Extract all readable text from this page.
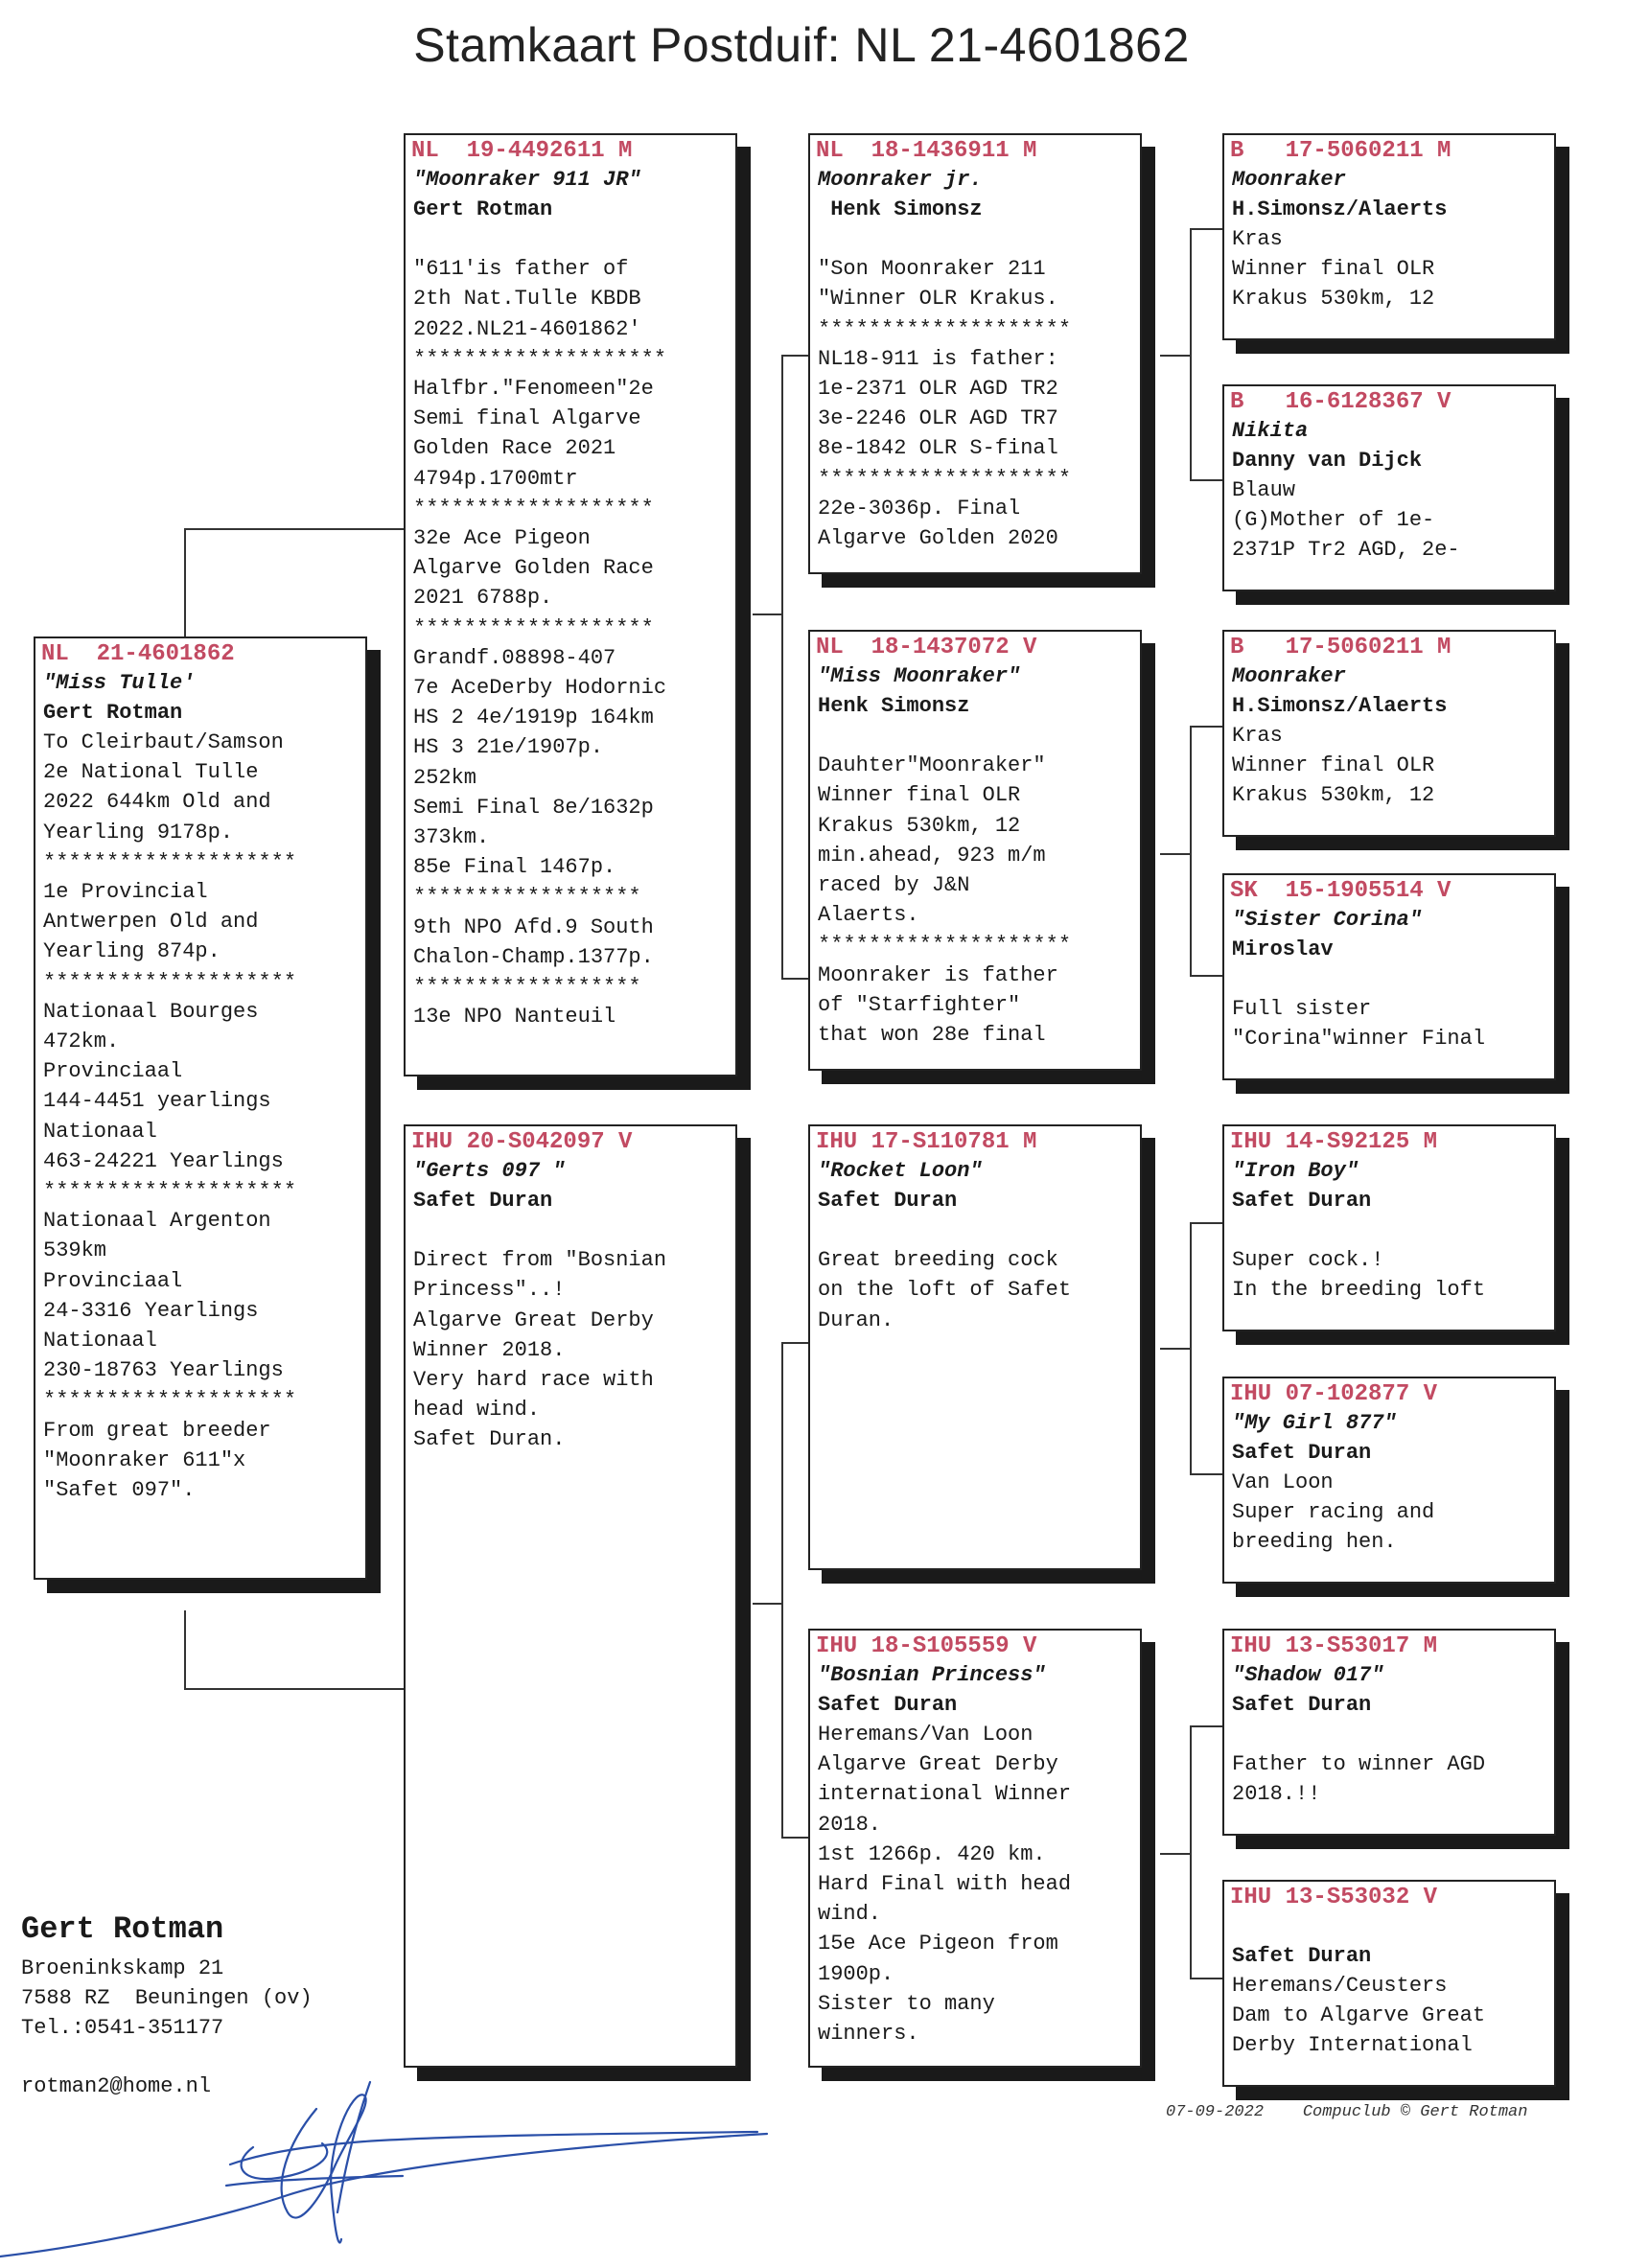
Stamkaart Postduif: NL 21-4601862
NL  21-4601862
"Miss Tulle'
Gert Rotman
To Cleirbaut/Samson
2e National Tulle
2022 644km Old and
Yearling 9178p.
********************
1e Provincial
Antwerpen Old and
Yearling 874p.
********************
Nationaal Bourges
472km.
Provinciaal
144-4451 yearlings
Nationaal
463-24221 Yearlings
********************
Nationaal Argenton
539km
Provinciaal
24-3316 Yearlings
Nationaal
230-18763 Yearlings
********************
From great breeder
"Moonraker 611"x
"Safet 097".
NL  19-4492611 M
"Moonraker 911 JR"
Gert Rotman

"611'is father of
2th Nat.Tulle KBDB
2022.NL21-4601862'
********************
Halfbr."Fenomeen"2e
Semi final Algarve
Golden Race 2021
4794p.1700mtr
*******************
32e Ace Pigeon
Algarve Golden Race
2021 6788p.
*******************
Grandf.08898-407
7e AceDerby Hodornic
HS 2 4e/1919p 164km
HS 3 21e/1907p.
252km
Semi Final 8e/1632p
373km.
85e Final 1467p.
******************
9th NPO Afd.9 South
Chalon-Champ.1377p.
******************
13e NPO Nanteuil
IHU 20-S042097 V
"Gerts 097 "
Safet Duran

Direct from "Bosnian
Princess"..!
Algarve Great Derby
Winner 2018.
Very hard race with
head wind.
Safet Duran.
NL  18-1436911 M
Moonraker jr.
Henk Simonsz

"Son Moonraker 211
"Winner OLR Krakus.
********************
NL18-911 is father:
1e-2371 OLR AGD TR2
3e-2246 OLR AGD TR7
8e-1842 OLR S-final
********************
22e-3036p. Final
Algarve Golden 2020
NL  18-1437072 V
"Miss Moonraker"
Henk Simonsz

Dauhter"Moonraker"
Winner final OLR
Krakus 530km, 12
min.ahead, 923 m/m
raced by J&N
Alaerts.
********************
Moonraker is father
of "Starfighter"
that won 28e final
IHU 17-S110781 M
"Rocket Loon"
Safet Duran

Great breeding cock
on the loft of Safet
Duran.
IHU 18-S105559 V
"Bosnian Princess"
Safet Duran
Heremans/Van Loon
Algarve Great Derby
international Winner
2018.
1st 1266p. 420 km.
Hard Final with head
wind.
15e Ace Pigeon from
1900p.
Sister to many
winners.
B   17-5060211 M
Moonraker
H.Simonsz/Alaerts
Kras
Winner final OLR
Krakus 530km, 12
B   16-6128367 V
Nikita
Danny van Dijck
Blauw
(G)Mother of 1e-
2371P Tr2 AGD, 2e-
B   17-5060211 M
Moonraker
H.Simonsz/Alaerts
Kras
Winner final OLR
Krakus 530km, 12
SK  15-1905514 V
"Sister Corina"
Miroslav

Full sister
"Corina"winner Final
IHU 14-S92125 M
"Iron Boy"
Safet Duran

Super cock.!
In the breeding loft
IHU 07-102877 V
"My Girl 877"
Safet Duran
Van Loon
Super racing and
breeding hen.
IHU 13-S53017 M
"Shadow 017"
Safet Duran

Father to winner AGD
2018.!!
IHU 13-S53032 V

Safet Duran
Heremans/Ceusters
Dam to Algarve Great
Derby International
Gert Rotman
Broeninkskamp 21
7588 RZ  Beuningen (ov)
Tel.:0541-351177
rotman2@home.nl
07-09-2022    Compuclub © Gert Rotman
